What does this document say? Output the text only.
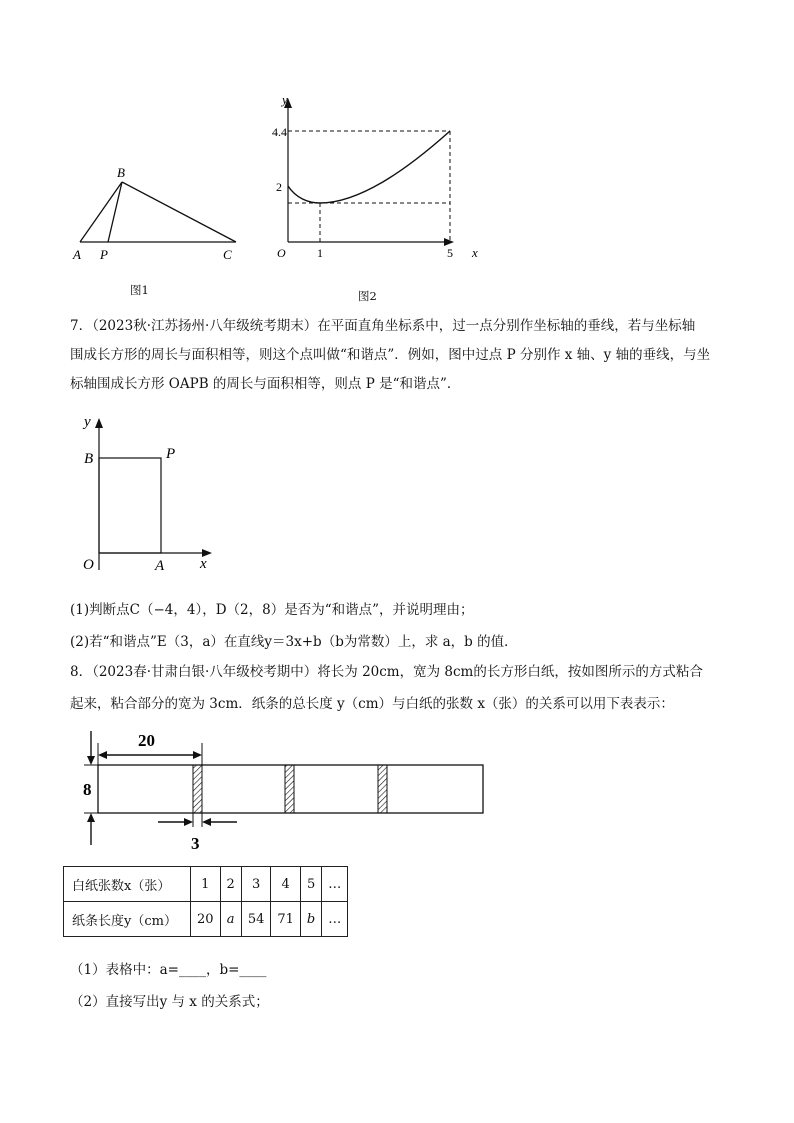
A P	C
B
图1
y
4.4
2
O	1	5 x
图2
7．（2023秋·江苏扬州·八年级统考期末）在平面直角坐标系中，过一点分别作坐标轴的垂线，若与坐标轴
围成长方形的周长与面积相等，则这个点叫做“和谐点”．例如，图中过点 P 分别作 x 轴、y 轴的垂线，与坐
标轴围成长方形 OAPB 的周长与面积相等，则点 P 是“和谐点”．
y
B	P
O	A x
(1)判断点C（−4，4），D（2，8）是否为“和谐点”，并说明理由；
(2)若“和谐点”E（3，a）在直线y＝3x+b（b为常数）上，求 a，b 的值．
8．（2023春·甘肃白银·八年级校考期中）将长为 20cm，宽为 8cm的长方形白纸，按如图所示的方式粘合
起来，粘合部分的宽为 3cm．纸条的总长度 y（cm）与白纸的张数 x（张）的关系可以用下表表示：
8
20
3
白纸张数x（张）	1	2	3	4	5	…
纸条长度y（cm）	20	a	54	71	b	…
（1）表格中：a=____，b=____
（2）直接写出y 与 x 的关系式；
